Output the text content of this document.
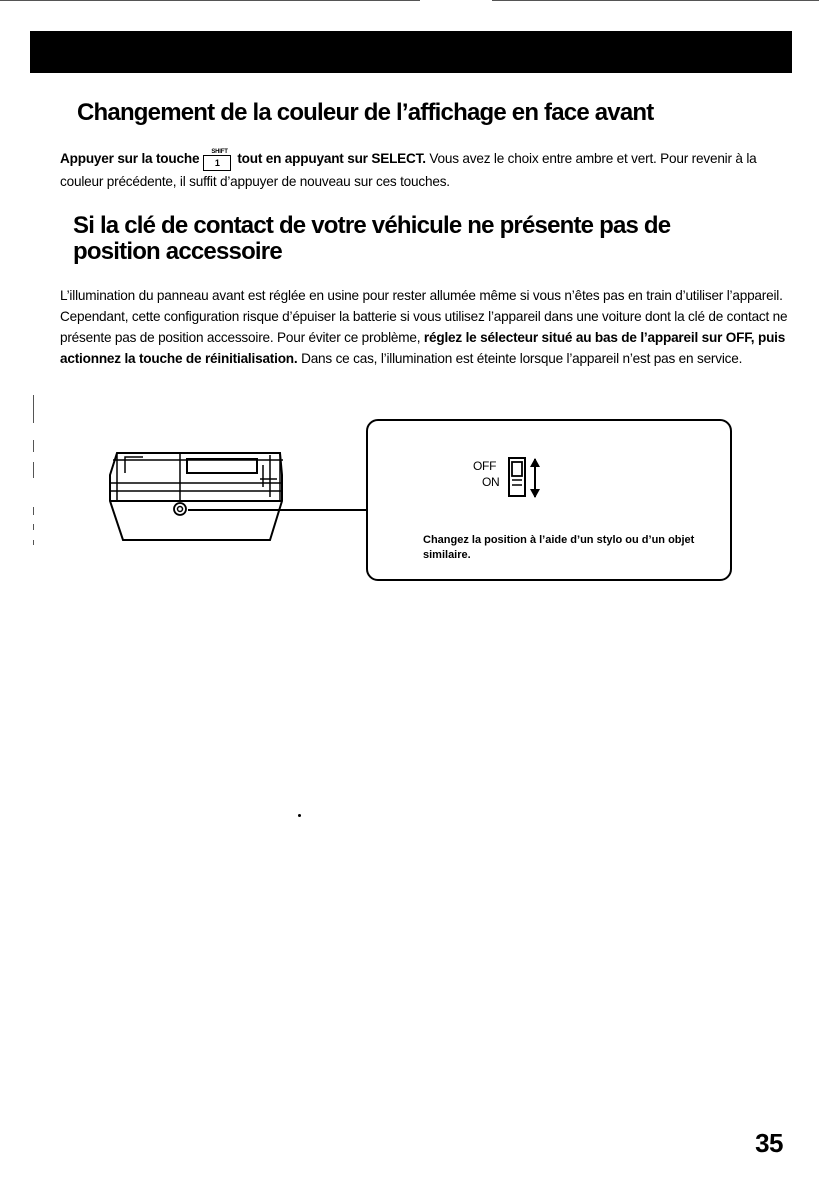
Changement de la couleur de l’affichage en face avant

Appuyer sur la touche SHIFT
1 tout en appuyant sur SELECT. Vous avez le choix entre ambre et vert. Pour revenir à la couleur précédente, il suffit d’appuyer de nouveau sur ces touches.

Si la clé de contact de votre véhicule ne présente pas de position accessoire

L’illumination du panneau avant est réglée en usine pour rester allumée même si vous n’êtes pas en train d’utiliser l’appareil. Cependant, cette configuration risque d’épuiser la batterie si vous utilisez l’appareil dans une voiture dont la clé de contact ne présente pas de position accessoire. Pour éviter ce problème, réglez le sélecteur situé au bas de l’appareil sur OFF, puis actionnez la touche de réinitialisation. Dans ce cas, l’illumination est éteinte lorsque l’appareil n’est pas en service.

OFF
ON

Changez la position à l’aide d’un stylo ou d’un objet similaire.

35
